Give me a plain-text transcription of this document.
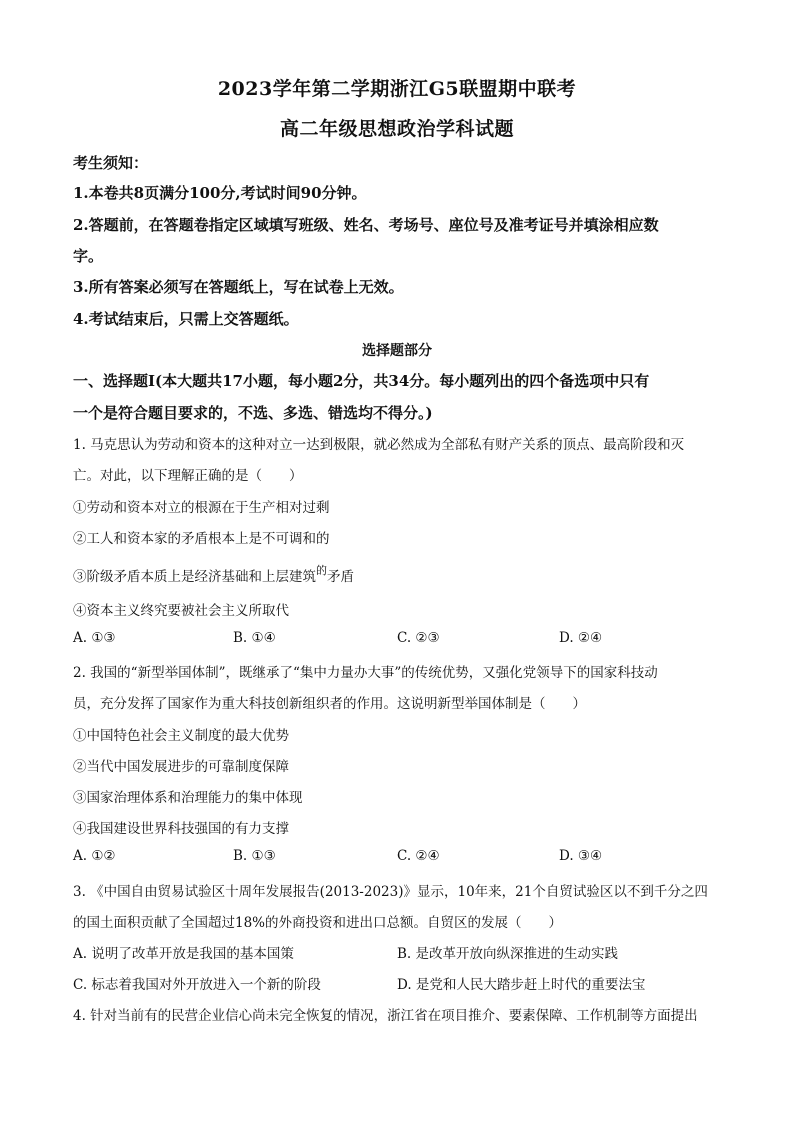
2023学年第二学期浙江G5联盟期中联考
高二年级思想政治学科试题
考生须知：
1.本卷共8页满分100分,考试时间90分钟。
2.答题前，在答题卷指定区域填写班级、姓名、考场号、座位号及准考证号并填涂相应数
字。
3.所有答案必须写在答题纸上，写在试卷上无效。
4.考试结束后，只需上交答题纸。
选择题部分
一、选择题Ⅰ(本大题共17小题，每小题2分，共34分。每小题列出的四个备选项中只有
一个是符合题目要求的，不选、多选、错选均不得分。)
1. 马克思认为劳动和资本的这种对立一达到极限，就必然成为全部私有财产关系的顶点、最高阶段和灭
亡。对此，以下理解正确的是（　　）
①劳动和资本对立的根源在于生产相对过剩
②工人和资本家的矛盾根本上是不可调和的
③阶级矛盾本质上是经济基础和上层建筑$^的$矛盾
④资本主义终究要被社会主义所取代
A. ①③	B. ①④	C. ②③	D. ②④
2. 我国的“新型举国体制”，既继承了“集中力量办大事”的传统优势，又强化党领导下的国家科技动
员，充分发挥了国家作为重大科技创新组织者的作用。这说明新型举国体制是（　　）
①中国特色社会主义制度的最大优势
②当代中国发展进步的可靠制度保障
③国家治理体系和治理能力的集中体现
④我国建设世界科技强国的有力支撑
A. ①②	B. ①③	C. ②④	D. ③④
3. 《中国自由贸易试验区十周年发展报告(2013-2023)》显示，10年来，21个自贸试验区以不到千分之四
的国土面积贡献了全国超过18%的外商投资和进出口总额。自贸区的发展（　　）
A. 说明了改革开放是我国的基本国策	B. 是改革开放向纵深推进的生动实践
C. 标志着我国对外开放进入一个新的阶段	D. 是党和人民大踏步赶上时代的重要法宝
4. 针对当前有的民营企业信心尚未完全恢复的情况，浙江省在项目推介、要素保障、工作机制等方面提出
